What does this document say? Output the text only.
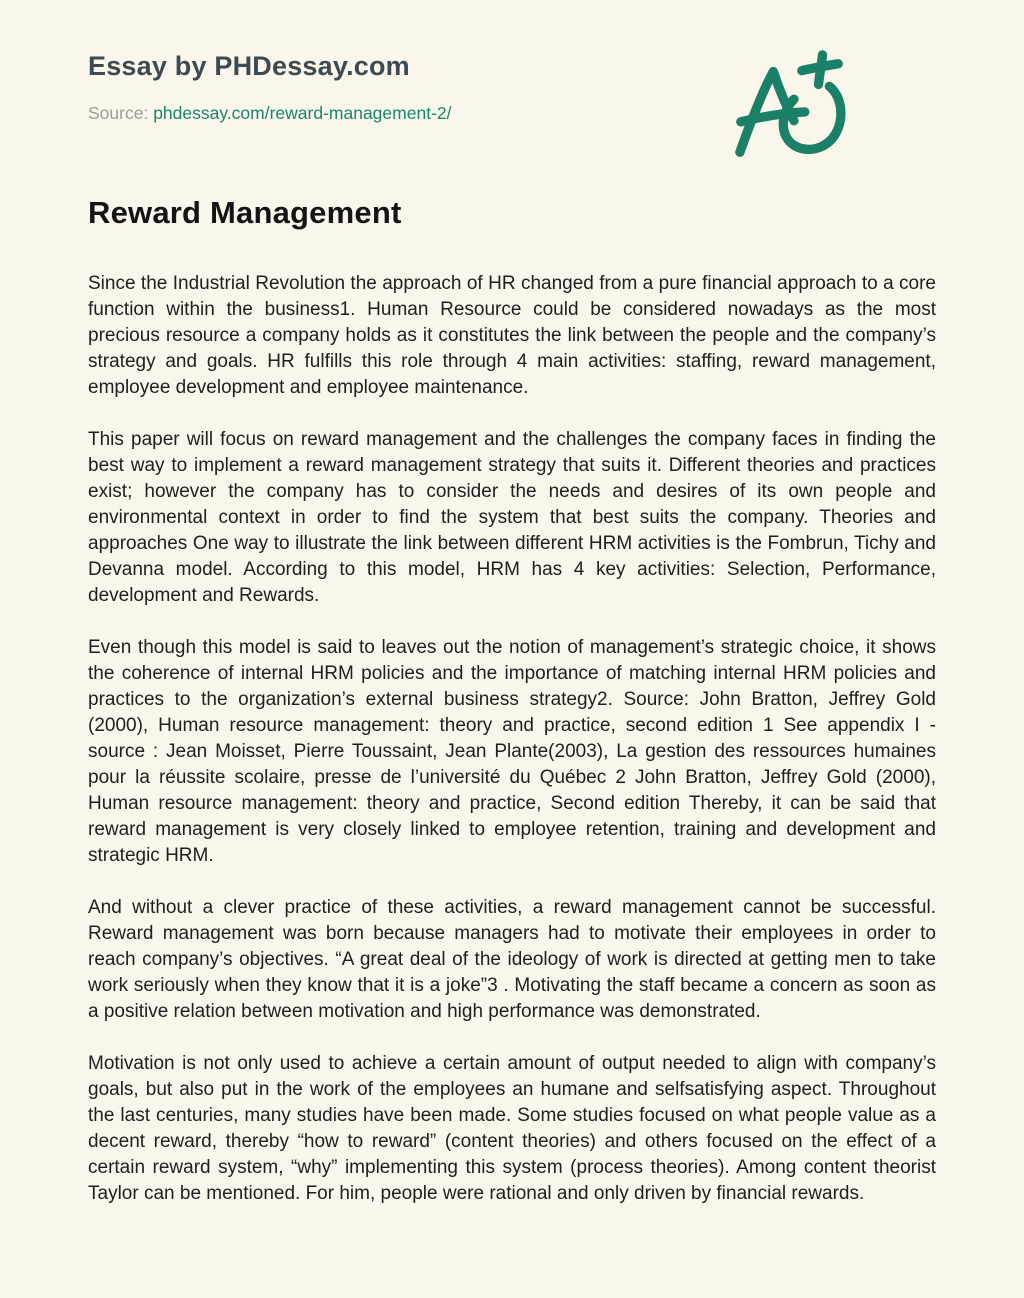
Essay by PHDessay.com
Source: phdessay.com/reward-management-2/
Reward Management

Since the Industrial Revolution the approach of HR changed from a pure financial approach to a core function within the business1. Human Resource could be considered nowadays as the most precious resource a company holds as it constitutes the link between the people and the company’s strategy and goals. HR fulfills this role through 4 main activities: staffing, reward management, employee development and employee maintenance.

This paper will focus on reward management and the challenges the company faces in finding the best way to implement a reward management strategy that suits it. Different theories and practices exist; however the company has to consider the needs and desires of its own people and environmental context in order to find the system that best suits the company. Theories and approaches One way to illustrate the link between different HRM activities is the Fombrun, Tichy and Devanna model. According to this model, HRM has 4 key activities: Selection, Performance, development and Rewards.

Even though this model is said to leaves out the notion of management’s strategic choice, it shows the coherence of internal HRM policies and the importance of matching internal HRM policies and practices to the organization’s external business strategy2. Source: John Bratton, Jeffrey Gold (2000), Human resource management: theory and practice, second edition 1 See appendix I - source : Jean Moisset, Pierre Toussaint, Jean Plante(2003), La gestion des ressources humaines pour la réussite scolaire, presse de l’université du Québec 2 John Bratton, Jeffrey Gold (2000), Human resource management: theory and practice, Second edition Thereby, it can be said that reward management is very closely linked to employee retention, training and development and strategic HRM.

And without a clever practice of these activities, a reward management cannot be successful. Reward management was born because managers had to motivate their employees in order to reach company’s objectives. “A great deal of the ideology of work is directed at getting men to take work seriously when they know that it is a joke”3 . Motivating the staff became a concern as soon as a positive relation between motivation and high performance was demonstrated.

Motivation is not only used to achieve a certain amount of output needed to align with company’s goals, but also put in the work of the employees an humane and selfsatisfying aspect. Throughout the last centuries, many studies have been made. Some studies focused on what people value as a decent reward, thereby “how to reward” (content theories) and others focused on the effect of a certain reward system, “why” implementing this system (process theories). Among content theorist Taylor can be mentioned. For him, people were rational and only driven by financial rewards.
